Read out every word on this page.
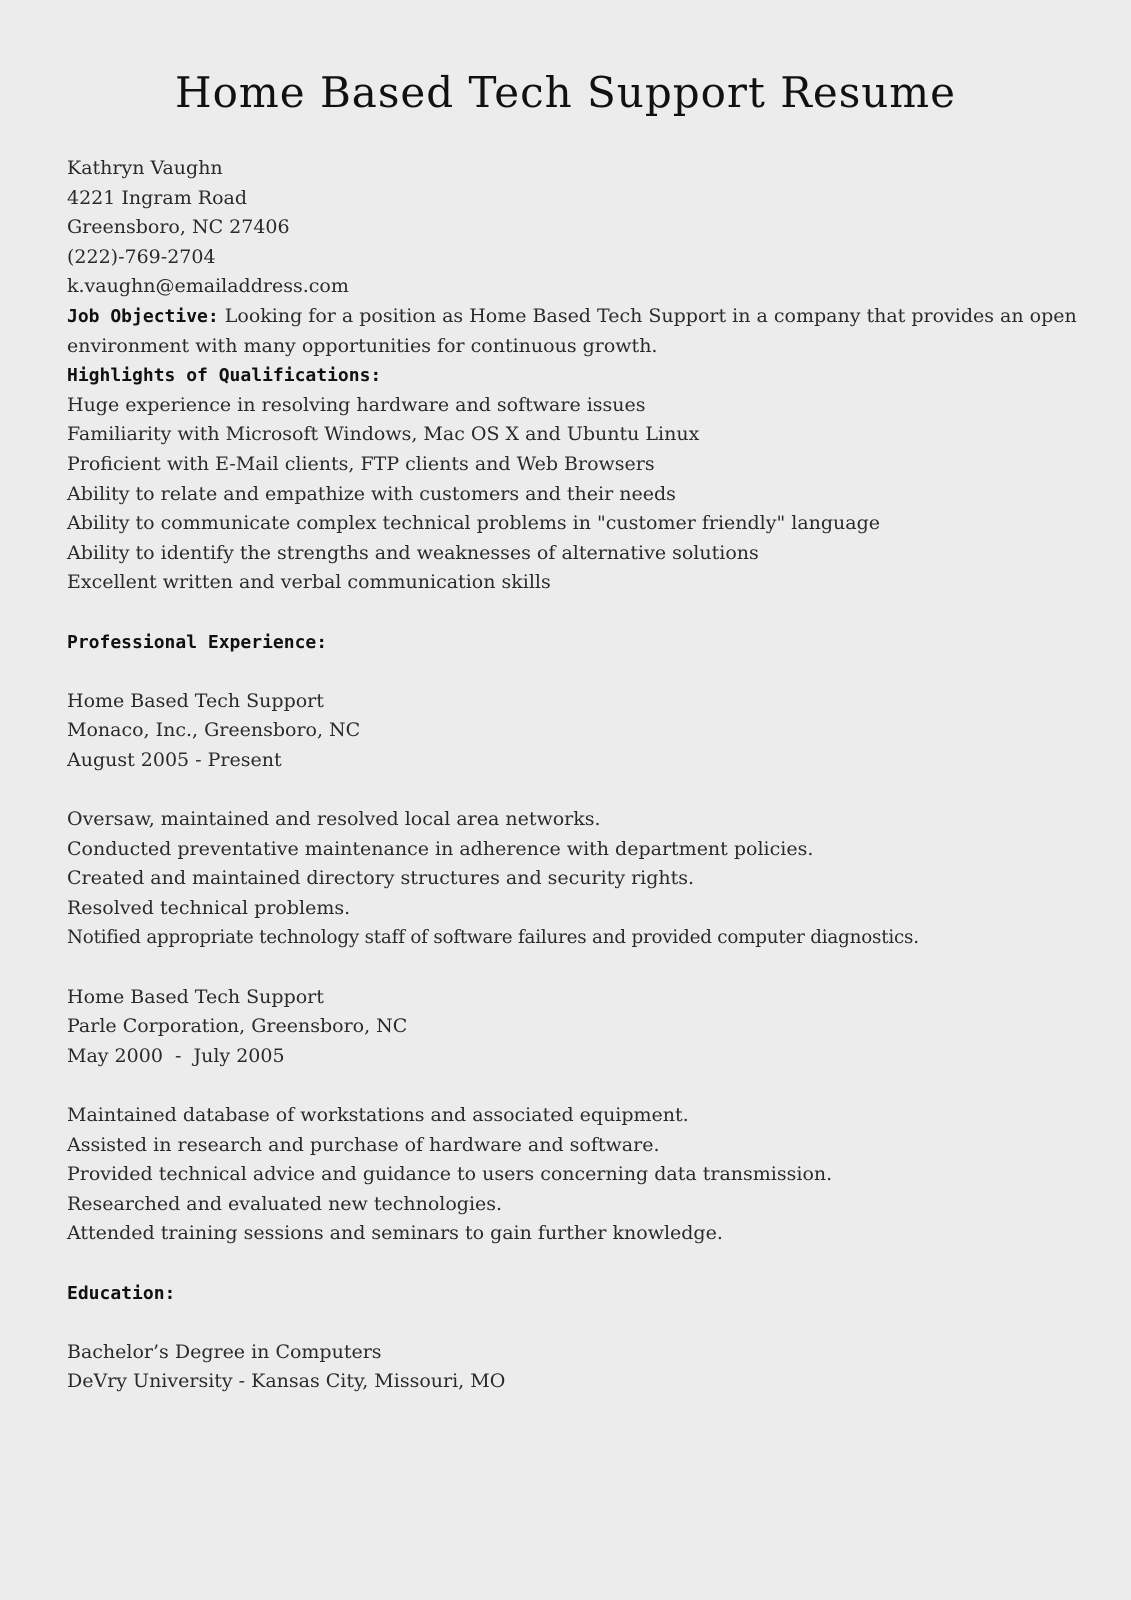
Home Based Tech Support Resume
Kathryn Vaughn
4221 Ingram Road
Greensboro, NC 27406
(222)-769-2704
k.vaughn@emailaddress.com
Job Objective: Looking for a position as Home Based Tech Support in a company that provides an open environment with many opportunities for continuous growth.
Highlights of Qualifications:
Huge experience in resolving hardware and software issues
Familiarity with Microsoft Windows, Mac OS X and Ubuntu Linux
Proficient with E-Mail clients, FTP clients and Web Browsers
Ability to relate and empathize with customers and their needs
Ability to communicate complex technical problems in "customer friendly" language
Ability to identify the strengths and weaknesses of alternative solutions
Excellent written and verbal communication skills
Professional Experience:
Home Based Tech Support
Monaco, Inc., Greensboro, NC
August 2005 - Present
Oversaw, maintained and resolved local area networks.
Conducted preventative maintenance in adherence with department policies.
Created and maintained directory structures and security rights.
Resolved technical problems.
Notified appropriate technology staff of software failures and provided computer diagnostics.
Home Based Tech Support
Parle Corporation, Greensboro, NC
May 2000  -  July 2005
Maintained database of workstations and associated equipment.
Assisted in research and purchase of hardware and software.
Provided technical advice and guidance to users concerning data transmission.
Researched and evaluated new technologies.
Attended training sessions and seminars to gain further knowledge.
Education:
Bachelor’s Degree in Computers
DeVry University - Kansas City, Missouri, MO
